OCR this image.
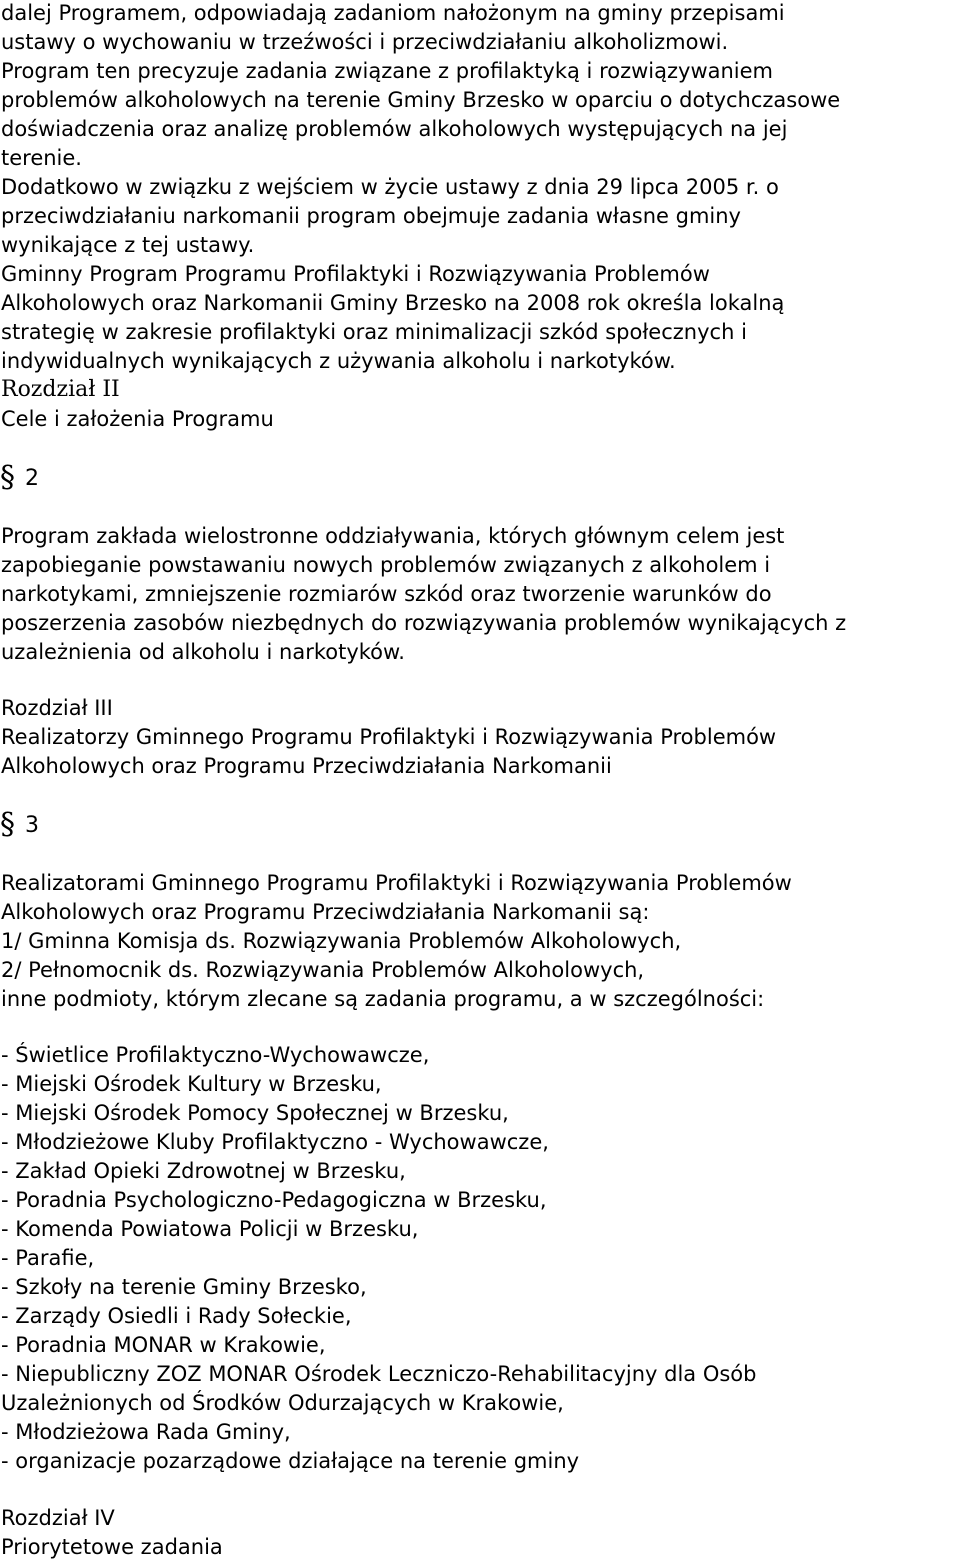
dalej Programem, odpowiadają zadaniom nałożonym na gminy przepisami
ustawy o wychowaniu w trzeźwości i przeciwdziałaniu alkoholizmowi.
Program ten precyzuje zadania związane z profilaktyką i rozwiązywaniem
problemów alkoholowych na terenie Gminy Brzesko w oparciu o dotychczasowe
doświadczenia oraz analizę problemów alkoholowych występujących na jej
terenie.
Dodatkowo w związku z wejściem w życie ustawy z dnia 29 lipca 2005 r. o
przeciwdziałaniu narkomanii program obejmuje zadania własne gminy
wynikające z tej ustawy.
Gminny Program Programu Profilaktyki i Rozwiązywania Problemów
Alkoholowych oraz Narkomanii Gminy Brzesko na 2008 rok określa lokalną
strategię w zakresie profilaktyki oraz minimalizacji szkód społecznych i
indywidualnych wynikających z używania alkoholu i narkotyków.
Rozdział II
Cele i założenia Programu
§ 2
Program zakłada wielostronne oddziaływania, których głównym celem jest
zapobieganie powstawaniu nowych problemów związanych z alkoholem i
narkotykami, zmniejszenie rozmiarów szkód oraz tworzenie warunków do
poszerzenia zasobów niezbędnych do rozwiązywania problemów wynikających z
uzależnienia od alkoholu i narkotyków.
Rozdział III
Realizatorzy Gminnego Programu Profilaktyki i Rozwiązywania Problemów
Alkoholowych oraz Programu Przeciwdziałania Narkomanii
§ 3
Realizatorami Gminnego Programu Profilaktyki i Rozwiązywania Problemów
Alkoholowych oraz Programu Przeciwdziałania Narkomanii są:
1/ Gminna Komisja ds. Rozwiązywania Problemów Alkoholowych,
2/ Pełnomocnik ds. Rozwiązywania Problemów Alkoholowych,
inne podmioty, którym zlecane są zadania programu, a w szczególności:
- Świetlice Profilaktyczno-Wychowawcze,
- Miejski Ośrodek Kultury w Brzesku,
- Miejski Ośrodek Pomocy Społecznej w Brzesku,
- Młodzieżowe Kluby Profilaktyczno - Wychowawcze,
- Zakład Opieki Zdrowotnej w Brzesku,
- Poradnia Psychologiczno-Pedagogiczna w Brzesku,
- Komenda Powiatowa Policji w Brzesku,
- Parafie,
- Szkoły na terenie Gminy Brzesko,
- Zarządy Osiedli i Rady Sołeckie,
- Poradnia MONAR w Krakowie,
- Niepubliczny ZOZ MONAR Ośrodek Leczniczo-Rehabilitacyjny dla Osób
Uzależnionych od Środków Odurzających w Krakowie,
- Młodzieżowa Rada Gminy,
- organizacje pozarządowe działające na terenie gminy
Rozdział IV
Priorytetowe zadania
